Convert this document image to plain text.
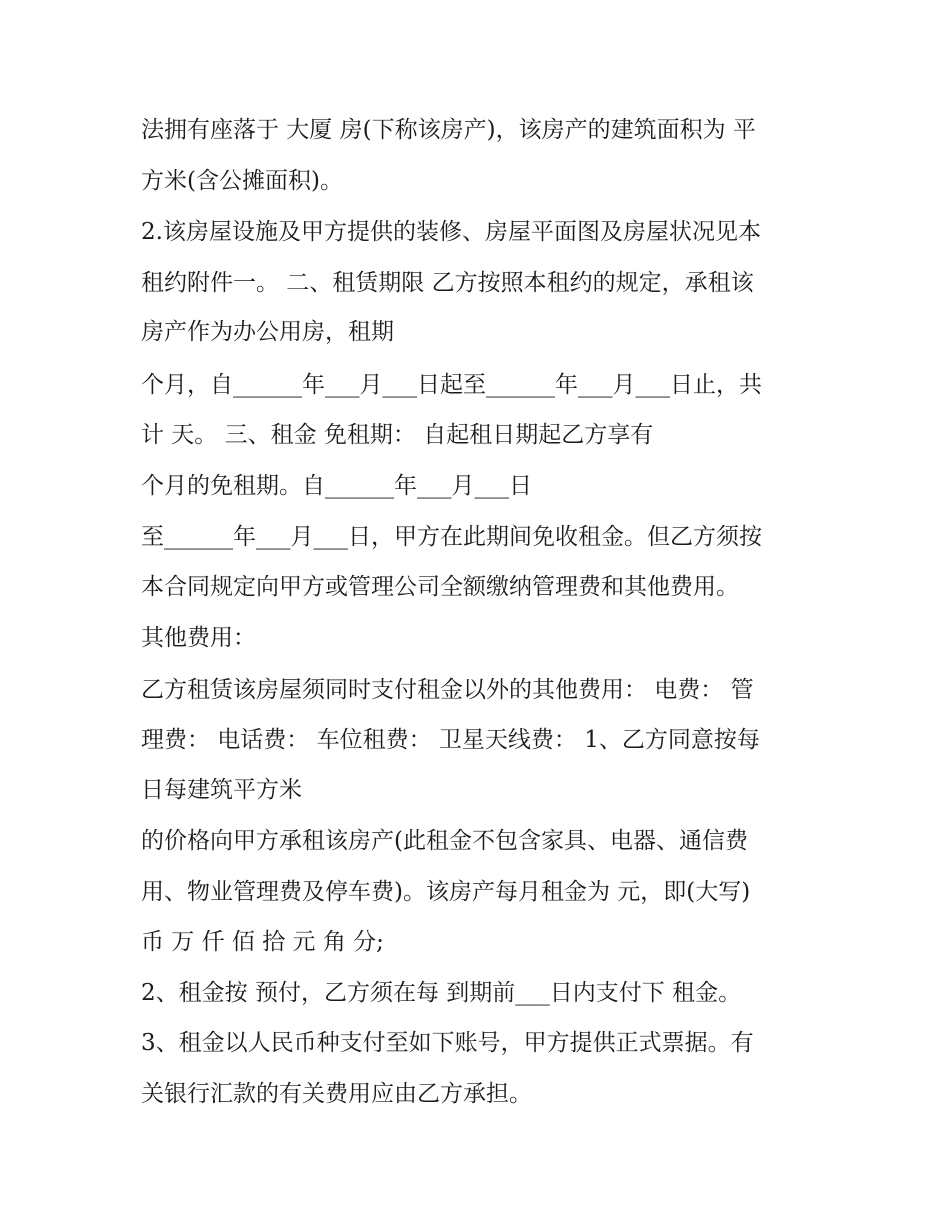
法拥有座落于 大厦 房(下称该房产)，该房产的建筑面积为 平

方米(含公摊面积)。

2.该房屋设施及甲方提供的装修、房屋平面图及房屋状况见本

租约附件一。 二、租赁期限 乙方按照本租约的规定，承租该

房产作为办公用房，租期

个月，自______年___月___日起至______年___月___日止，共

计 天。 三、租金 免租期： 自起租日期起乙方享有

个月的免租期。自______年___月___日

至______年___月___日，甲方在此期间免收租金。但乙方须按

本合同规定向甲方或管理公司全额缴纳管理费和其他费用。

其他费用：

乙方租赁该房屋须同时支付租金以外的其他费用： 电费： 管

理费： 电话费： 车位租费： 卫星天线费： 1、乙方同意按每

日每建筑平方米

的价格向甲方承租该房产(此租金不包含家具、电器、通信费

用、物业管理费及停车费)。该房产每月租金为 元，即(大写)

币 万 仟 佰 拾 元 角 分;

2、租金按 预付，乙方须在每 到期前___日内支付下 租金。

3、租金以人民币种支付至如下账号，甲方提供正式票据。有

关银行汇款的有关费用应由乙方承担。
